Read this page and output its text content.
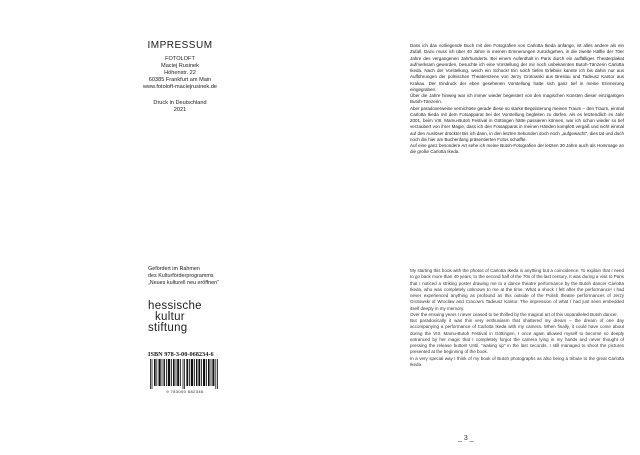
IMPRESSUM
FOTOLOFT
Maciej Rusinek
Höhenstr. 22
60385 Frankfurt am Main
www.fotoloft-maciejrusinek.de
Druck in Deutschland
2021
Gefördert im Rahmen
des Kulturförderprogramms
„Neues kulturell neu eröffnen“
hessische
kultur
stiftung
ISBN 978-3-00-068234-6
9 783000 682346

Dass ich das vorliegende Buch mit den Fotografien von Carlotta Ikeda anfange, ist alles andere als ein Zufall. Dazu muss ich über 40 Jahre in meinen Erinnerungen zurückgehen, in die zweite Hälfte der 70er Jahre des vergangenen Jahrhunderts. Bei einem Aufenthalt in Paris durch ein auffälliges Theaterplakat aufmerksam geworden, besuchte ich eine Vorstellung der mir noch unbekannten Butoh-Tänzerin Carlotta Ikeda. Nach der Vorstellung, weich ein Schock! Ein solch tiefes Erlebnis kannte ich bis dahin nur aus Aufführungen der polnischen Theaterszene von Jerzy Grotowski aus Breslau und Tadeusz Kantor aus Krakau. Der Eindruck der eben gesehenen Vorstellung hatte sich ganz tief in meine Erinnerung eingegraben.

Über die Jahre hinweg war ich immer wieder begeistert von den magischen Künsten dieser einzigartigen Butoh-Tänzerin.

Aber paradoxerweise vernichtete gerade diese so starke Begeisterung meinen Traum – den Traum, einmal Carlotta Ikeda mit dem Fotoapparat bei der Vorstellung begleiten zu dürfen. Als es letztendlich im Jahr 2001, beim VIII. Mamu-Butoh Festival in Göttingen hätte passieren können, war ich schon wieder so tief verzaubert von ihrer Magie, dass ich den Fotoapparat in meinen Händen komplett vergaß und nicht einmal auf den Auslöser drückte! Bis ich dann, in den letzten Sekunden doch noch „aufgewacht“, dies tat und doch noch die hier am Buchenfang präsentierten Fotos schaffte.

Auf eine ganz besondere Art sehe ich meine Butoh-Fotografien der letzten 30 Jahre auch als Hommage an die große Carlotta Ikeda.

My starting this book with the photos of Carlotta Ikeda is anything but a coincidence. To explain that I need to go back more than 40 years, to the second half of the 70s of the last century. It was during a visit to Paris that I noticed a striking poster drawing me to a dance theatre performance by the Butoh dancer Carlotta Ikeda, who was completely unknown to me at the time. What a shock I felt after the performance! I had never experienced anything as profound as this outside of the Polish theatre performances of Jerzy Grotowski of Wroclaw and Cracow's Tadeusz Kantor. The impression of what I had just seen embedded itself deeply in my memory.

Over the ensuing years I never ceased to be thrilled by the magical art of this unparalleled Butoh dancer.

But paradoxically it was this very enthusiasm that shattered my dream – the dream of one day accompanying a performance of Carlotta Ikeda with my camera. When finally, it could have come about during the VIII. Mamu-Butoh Festival in Göttingen, I once again allowed myself to become so deeply entranced by her magic that I completely forgot the camera lying in my hands and never thought of pressing the release button! Until, "waking up" in the last seconds, I still managed to shoot the pictures presented at the beginning of the book.

In a very special way I think of my book of Butoh photographs as also being a tribute to the great Carlotta Ikeda.

_ 3 _
